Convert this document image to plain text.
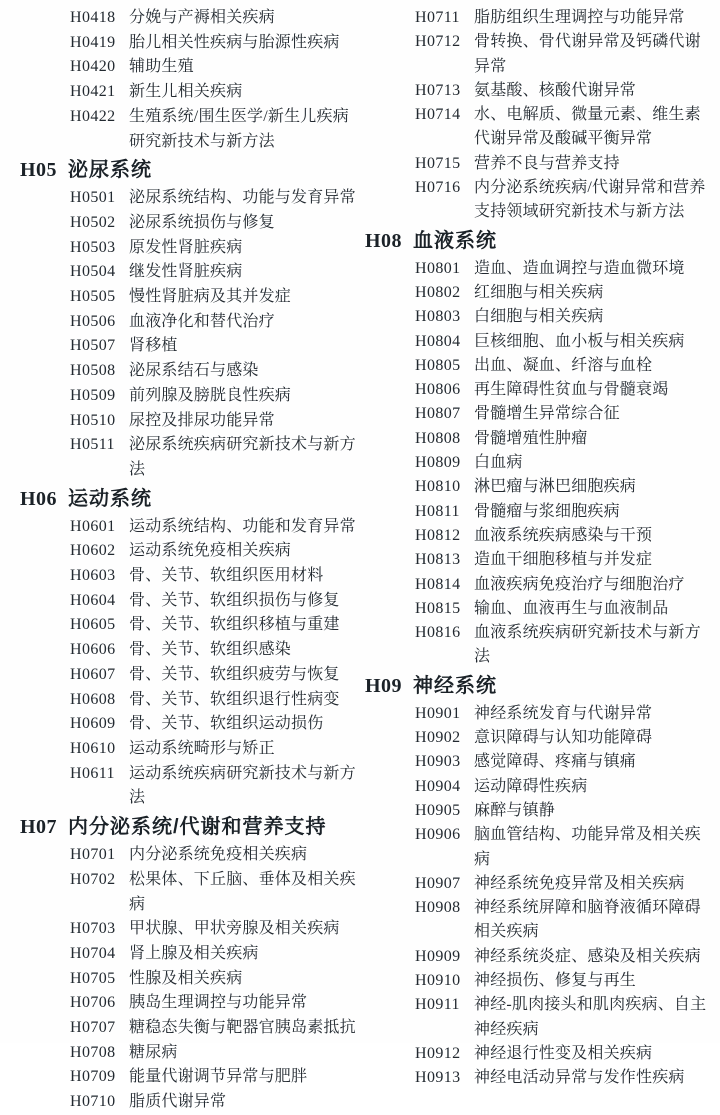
H0418 分娩与产褥相关疾病
H0419 胎儿相关性疾病与胎源性疾病
H0420 辅助生殖
H0421 新生儿相关疾病
H0422 生殖系统/围生医学/新生儿疾病研究新技术与新方法
H05 泌尿系统
H0501 泌尿系统结构、功能与发育异常
H0502 泌尿系统损伤与修复
H0503 原发性肾脏疾病
H0504 继发性肾脏疾病
H0505 慢性肾脏病及其并发症
H0506 血液净化和替代治疗
H0507 肾移植
H0508 泌尿系结石与感染
H0509 前列腺及膀胱良性疾病
H0510 尿控及排尿功能异常
H0511 泌尿系统疾病研究新技术与新方法
H06 运动系统
H0601 运动系统结构、功能和发育异常
H0602 运动系统免疫相关疾病
H0603 骨、关节、软组织医用材料
H0604 骨、关节、软组织损伤与修复
H0605 骨、关节、软组织移植与重建
H0606 骨、关节、软组织感染
H0607 骨、关节、软组织疲劳与恢复
H0608 骨、关节、软组织退行性病变
H0609 骨、关节、软组织运动损伤
H0610 运动系统畸形与矫正
H0611 运动系统疾病研究新技术与新方法
H07 内分泌系统/代谢和营养支持
H0701 内分泌系统免疫相关疾病
H0702 松果体、下丘脑、垂体及相关疾病
H0703 甲状腺、甲状旁腺及相关疾病
H0704 肾上腺及相关疾病
H0705 性腺及相关疾病
H0706 胰岛生理调控与功能异常
H0707 糖稳态失衡与靶器官胰岛素抵抗
H0708 糖尿病
H0709 能量代谢调节异常与肥胖
H0710 脂质代谢异常
H0711 脂肪组织生理调控与功能异常
H0712 骨转换、骨代谢异常及钙磷代谢异常
H0713 氨基酸、核酸代谢异常
H0714 水、电解质、微量元素、维生素代谢异常及酸碱平衡异常
H0715 营养不良与营养支持
H0716 内分泌系统疾病/代谢异常和营养支持领域研究新技术与新方法
H08 血液系统
H0801 造血、造血调控与造血微环境
H0802 红细胞与相关疾病
H0803 白细胞与相关疾病
H0804 巨核细胞、血小板与相关疾病
H0805 出血、凝血、纤溶与血栓
H0806 再生障碍性贫血与骨髓衰竭
H0807 骨髓增生异常综合征
H0808 骨髓增殖性肿瘤
H0809 白血病
H0810 淋巴瘤与淋巴细胞疾病
H0811 骨髓瘤与浆细胞疾病
H0812 血液系统疾病感染与干预
H0813 造血干细胞移植与并发症
H0814 血液疾病免疫治疗与细胞治疗
H0815 输血、血液再生与血液制品
H0816 血液系统疾病研究新技术与新方法
H09 神经系统
H0901 神经系统发育与代谢异常
H0902 意识障碍与认知功能障碍
H0903 感觉障碍、疼痛与镇痛
H0904 运动障碍性疾病
H0905 麻醉与镇静
H0906 脑血管结构、功能异常及相关疾病
H0907 神经系统免疫异常及相关疾病
H0908 神经系统屏障和脑脊液循环障碍相关疾病
H0909 神经系统炎症、感染及相关疾病
H0910 神经损伤、修复与再生
H0911 神经-肌肉接头和肌肉疾病、自主神经疾病
H0912 神经退行性变及相关疾病
H0913 神经电活动异常与发作性疾病
